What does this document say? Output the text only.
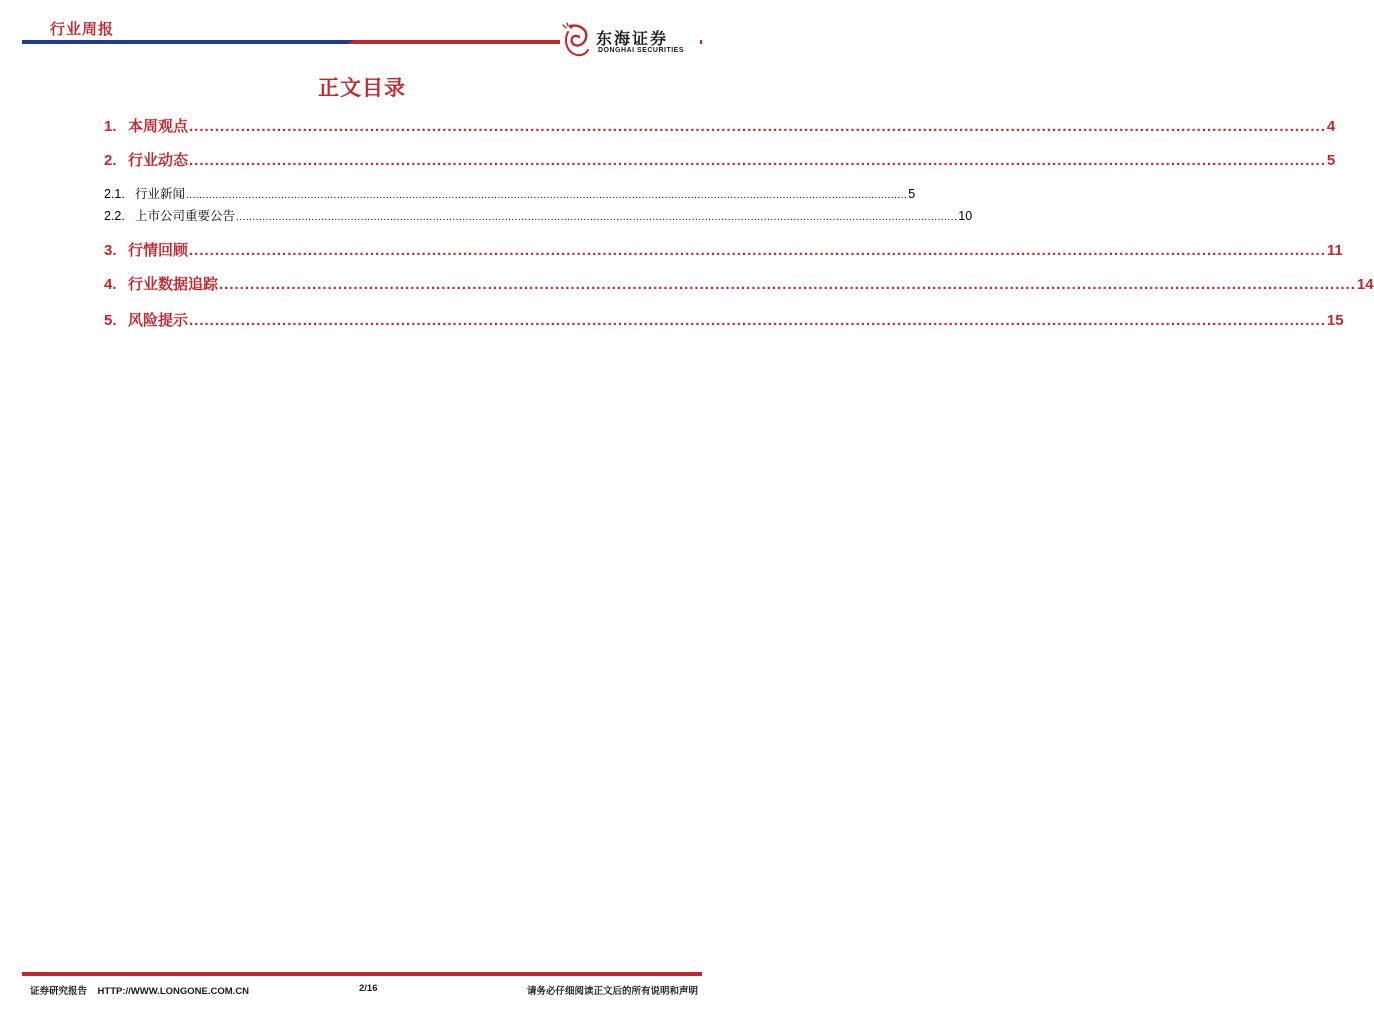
行业周报
东海证券
DONGHAI SECURITIES
正文目录
1. 本周观点 ............................................................................................................................................................................................................................ 4
2. 行业动态 ............................................................................................................................................................................................................................ 5
2.1. 行业新闻 ............................................................................................................................................................................................................................ 5
2.2. 上市公司重要公告 ............................................................................................................................................................................................................................ 10
3. 行情回顾 ............................................................................................................................................................................................................................ 11
4. 行业数据追踪 ............................................................................................................................................................................................................................ 14
5. 风险提示 ............................................................................................................................................................................................................................ 15
证券研究报告    HTTP://WWW.LONGONE.COM.CN	2/16	请务必仔细阅读正文后的所有说明和声明
